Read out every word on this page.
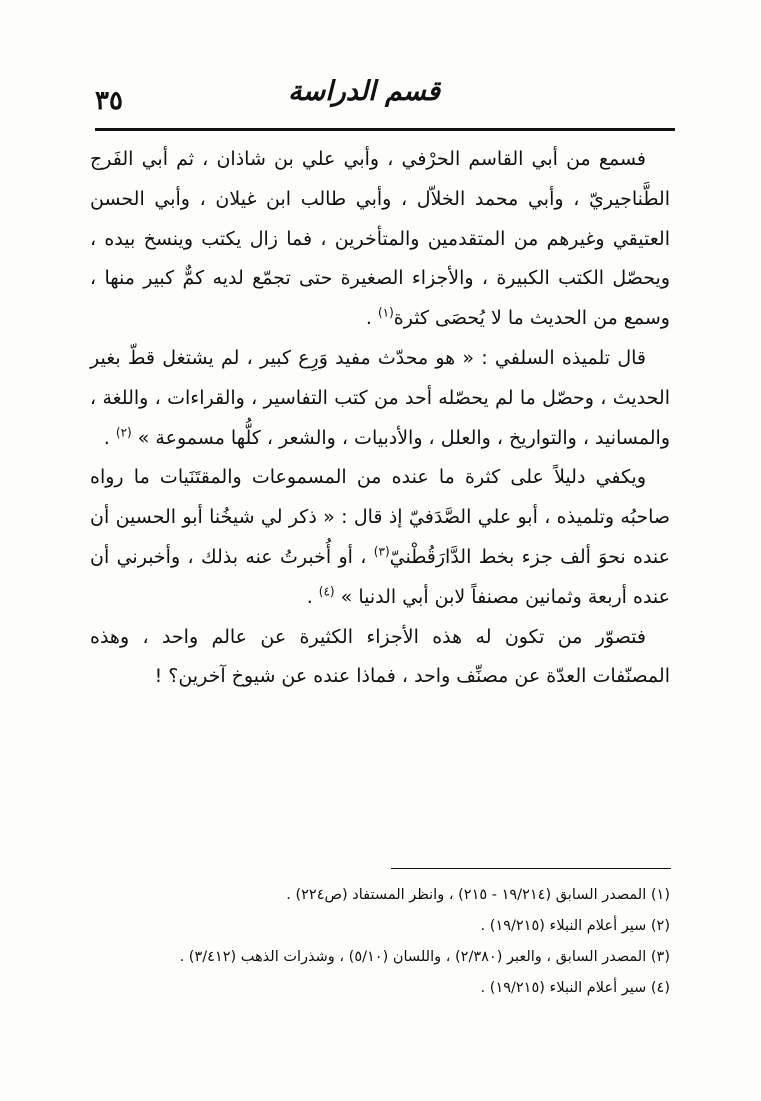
٣٥	قسم الدراسة

فسمع من أبي القاسم الحرْفي ، وأبي علي بن شاذان ، ثم أبي الفَرج الطَّناجيريّ ، وأبي محمد الخلاّل ، وأبي طالب ابن غيلان ، وأبي الحسن العتيقي وغيرهم من المتقدمين والمتأخرين ، فما زال يكتب وينسخ بيده ، ويحصّل الكتب الكبيرة ، والأجزاء الصغيرة حتى تجمّع لديه كمٌّ كبير منها ، وسمع من الحديث ما لا يُحصَى كثرة$^{(١)}$ .

قال تلميذه السلفي : « هو محدّث مفيد وَرِع كبير ، لم يشتغل قطّ بغير الحديث ، وحصّل ما لم يحصّله أحد من كتب التفاسير ، والقراءات ، واللغة ، والمسانيد ، والتواريخ ، والعلل ، والأدبيات ، والشعر ، كلُّها مسموعة » $^{(٢)}$ .

ويكفي دليلاً على كثرة ما عنده من المسموعات والمقتَنَيات ما رواه صاحبُه وتلميذه ، أبو علي الصَّدَفيّ إذ قال : « ذكر لي شيخُنا أبو الحسين أن عنده نحوَ ألف جزء بخط الدَّارَقُطْنيّ$^{(٣)}$ ، أو أُخبرتُ عنه بذلك ، وأخبرني أن عنده أربعة وثمانين مصنفاً لابن أبي الدنيا » $^{(٤)}$ .

فتصوّر من تكون له هذه الأجزاء الكثيرة عن عالم واحد ، وهذه المصنّفات العدّة عن مصنِّف واحد ، فماذا عنده عن شيوخ آخرين؟ !

(١) المصدر السابق (١٩/٢١٤ - ٢١٥) ، وانظر المستفاد (ص٢٢٤) .
(٢) سير أعلام النبلاء (١٩/٢١٥) .
(٣) المصدر السابق ، والعبر (٢/٣٨٠) ، واللسان (٥/١٠) ، وشذرات الذهب (٣/٤١٢) .
(٤) سير أعلام النبلاء (١٩/٢١٥) .
